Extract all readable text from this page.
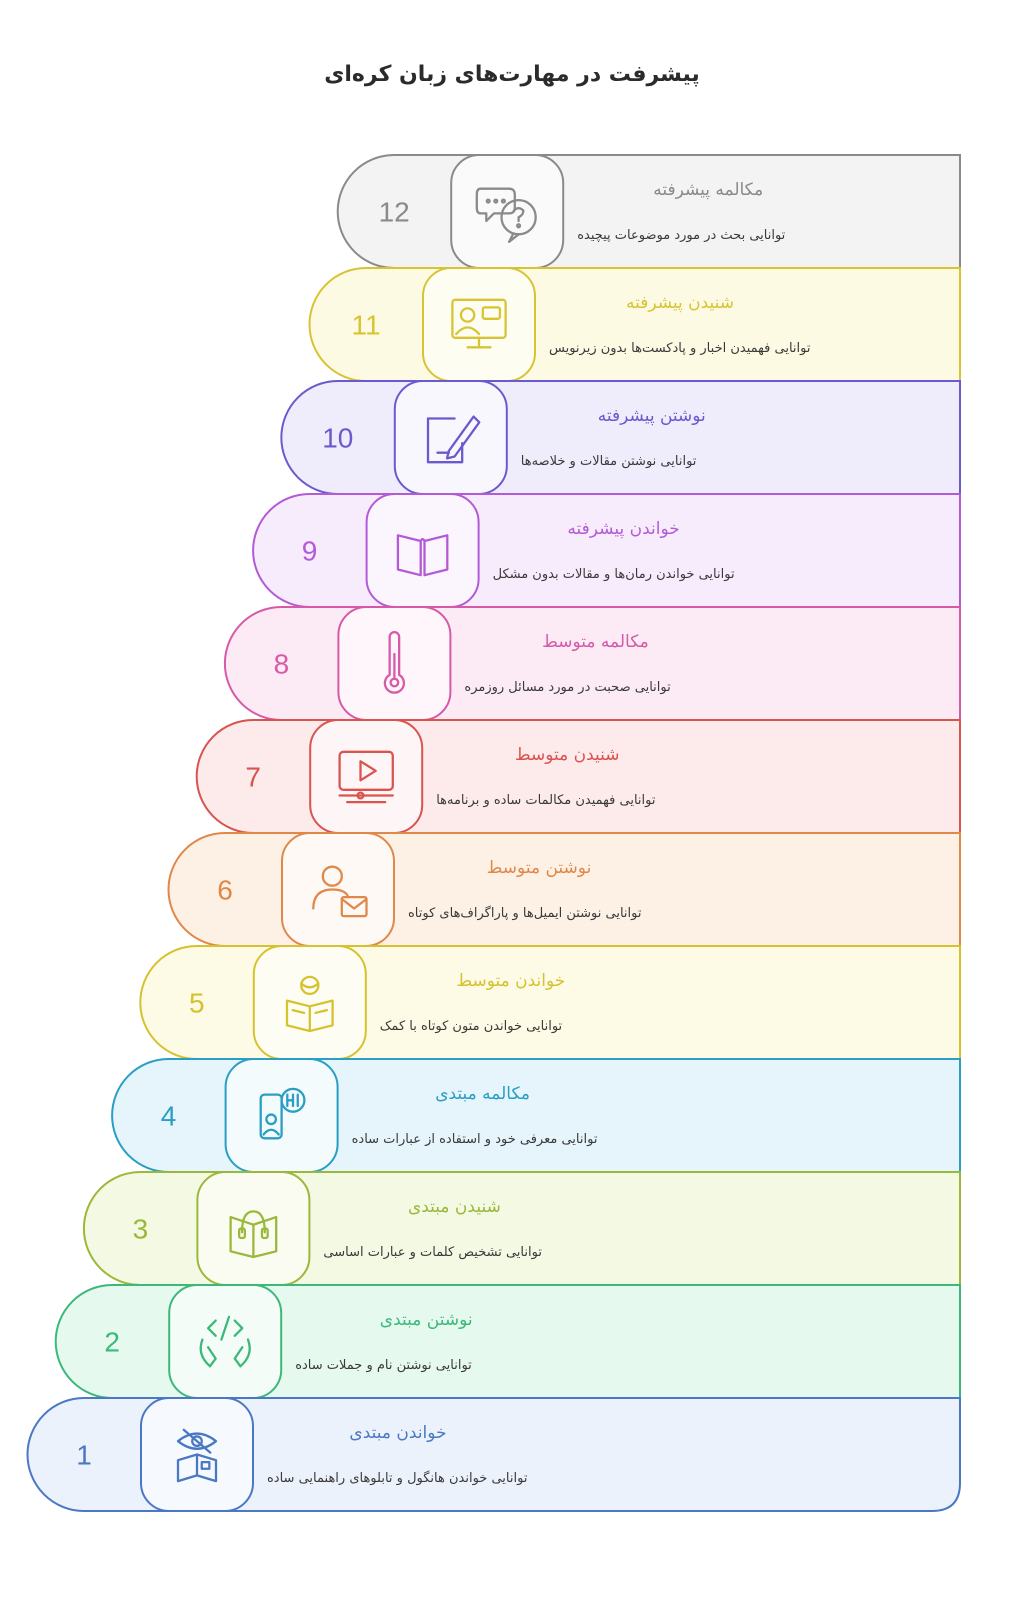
پیشرفت در مهارت‌های زبان کره‌ای
12
مکالمه پیشرفته
توانایی بحث در مورد موضوعات پیچیده
11
شنیدن پیشرفته
توانایی فهمیدن اخبار و پادکست‌ها بدون زیرنویس
10
نوشتن پیشرفته
توانایی نوشتن مقالات و خلاصه‌ها
9
خواندن پیشرفته
توانایی خواندن رمان‌ها و مقالات بدون مشکل
8
مکالمه متوسط
توانایی صحبت در مورد مسائل روزمره
7
شنیدن متوسط
توانایی فهمیدن مکالمات ساده و برنامه‌ها
6
نوشتن متوسط
توانایی نوشتن ایمیل‌ها و پاراگراف‌های کوتاه
5
خواندن متوسط
توانایی خواندن متون کوتاه با کمک
4
مکالمه مبتدی
توانایی معرفی خود و استفاده از عبارات ساده
3
شنیدن مبتدی
توانایی تشخیص کلمات و عبارات اساسی
2
نوشتن مبتدی
توانایی نوشتن نام و جملات ساده
1
خواندن مبتدی
توانایی خواندن هانگول و تابلوهای راهنمایی ساده
